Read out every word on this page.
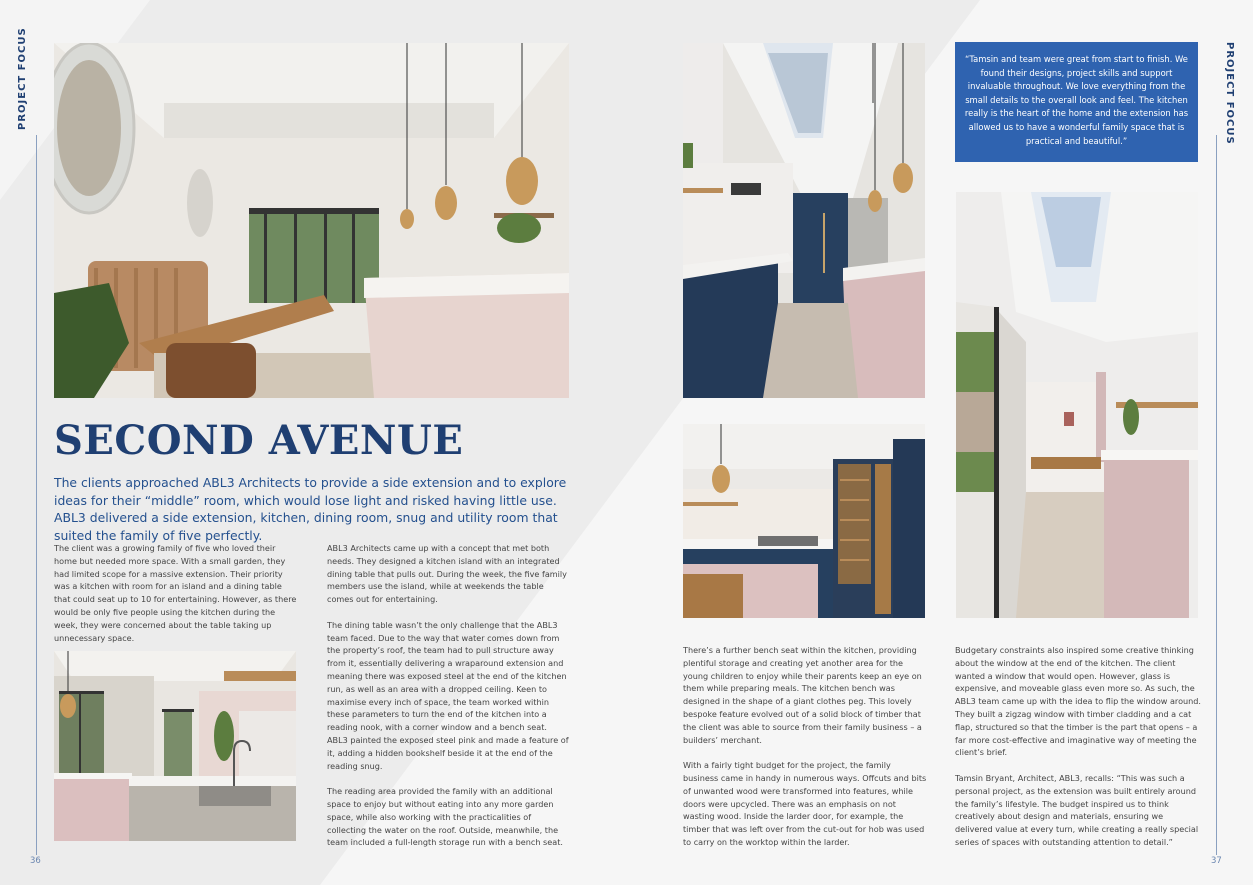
PROJECT FOCUS	PROJECT FOCUS
SECOND AVENUE
The clients approached ABL3 Architects to provide a side extension and to explore ideas for their “middle” room, which would lose light and risked having little use. ABL3 delivered a side extension, kitchen, dining room, snug and utility room that suited the family of five perfectly.

The client was a growing family of five who loved their home but needed more space. With a small garden, they had limited scope for a massive extension. Their priority was a kitchen with room for an island and a dining table that could seat up to 10 for entertaining. However, as there would be only five people using the kitchen during the week, they were concerned about the table taking up unnecessary space.

ABL3 Architects came up with a concept that met both needs. They designed a kitchen island with an integrated dining table that pulls out. During the week, the five family members use the island, while at weekends the table comes out for entertaining.

The dining table wasn’t the only challenge that the ABL3 team faced. Due to the way that water comes down from the property’s roof, the team had to pull structure away from it, essentially delivering a wraparound extension and meaning there was exposed steel at the end of the kitchen run, as well as an area with a dropped ceiling. Keen to maximise every inch of space, the team worked within these parameters to turn the end of the kitchen into a reading nook, with a corner window and a bench seat. ABL3 painted the exposed steel pink and made a feature of it, adding a hidden bookshelf beside it at the end of the reading snug.

The reading area provided the family with an additional space to enjoy but without eating into any more garden space, while also working with the practicalities of collecting the water on the roof. Outside, meanwhile, the team included a full-length storage run with a bench seat.

“Tamsin and team were great from start to finish. We found their designs, project skills and support invaluable throughout. We love everything from the small details to the overall look and feel. The kitchen really is the heart of the home and the extension has allowed us to have a wonderful family space that is practical and beautiful.”

There’s a further bench seat within the kitchen, providing plentiful storage and creating yet another area for the young children to enjoy while their parents keep an eye on them while preparing meals. The kitchen bench was designed in the shape of a giant clothes peg. This lovely bespoke feature evolved out of a solid block of timber that the client was able to source from their family business – a builders’ merchant.

With a fairly tight budget for the project, the family business came in handy in numerous ways. Offcuts and bits of unwanted wood were transformed into features, while doors were upcycled. There was an emphasis on not wasting wood. Inside the larder door, for example, the timber that was left over from the cut-out for hob was used to carry on the worktop within the larder.

Budgetary constraints also inspired some creative thinking about the window at the end of the kitchen. The client wanted a window that would open. However, glass is expensive, and moveable glass even more so. As such, the ABL3 team came up with the idea to flip the window around. They built a zigzag window with timber cladding and a cat flap, structured so that the timber is the part that opens – a far more cost-effective and imaginative way of meeting the client’s brief.

Tamsin Bryant, Architect, ABL3, recalls: “This was such a personal project, as the extension was built entirely around the family’s lifestyle. The budget inspired us to think creatively about design and materials, ensuring we delivered value at every turn, while creating a really special series of spaces with outstanding attention to detail.”

36	37
